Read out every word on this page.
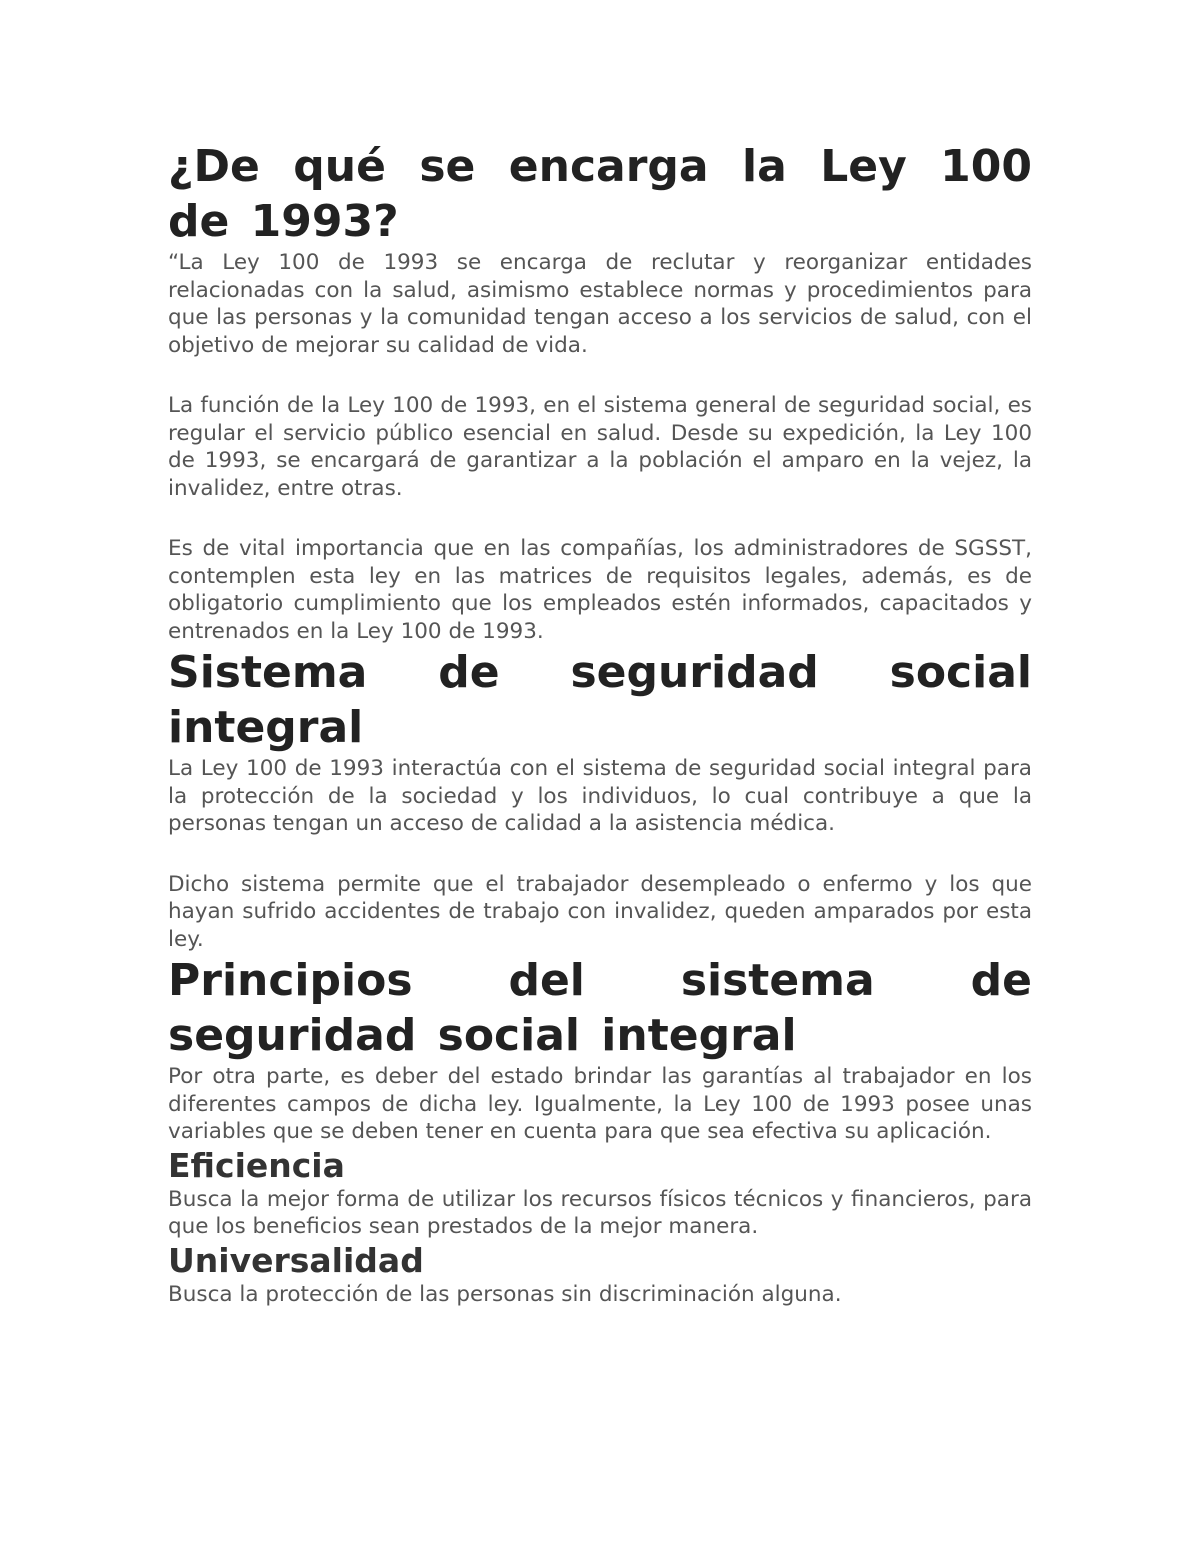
¿De qué se encarga la Ley 100 de 1993?

“La Ley 100 de 1993 se encarga de reclutar y reorganizar entidades relacionadas con la salud, asimismo establece normas y procedimientos para que las personas y la comunidad tengan acceso a los servicios de salud, con el objetivo de mejorar su calidad de vida.

La función de la Ley 100 de 1993, en el sistema general de seguridad social, es regular el servicio público esencial en salud. Desde su expedición, la Ley 100 de 1993, se encargará de garantizar a la población el amparo en la vejez, la invalidez, entre otras.

Es de vital importancia que en las compañías, los administradores de SGSST, contemplen esta ley en las matrices de requisitos legales, además, es de obligatorio cumplimiento que los empleados estén informados, capacitados y entrenados en la Ley 100 de 1993.

Sistema de seguridad social integral

La Ley 100 de 1993 interactúa con el sistema de seguridad social integral para la protección de la sociedad y los individuos, lo cual contribuye a que la personas tengan un acceso de calidad a la asistencia médica.

Dicho sistema permite que el trabajador desempleado o enfermo y los que hayan sufrido accidentes de trabajo con invalidez, queden amparados por esta ley.

Principios del sistema de seguridad social integral

Por otra parte, es deber del estado brindar las garantías al trabajador en los diferentes campos de dicha ley. Igualmente, la Ley 100 de 1993 posee unas variables que se deben tener en cuenta para que sea efectiva su aplicación.

Eficiencia

Busca la mejor forma de utilizar los recursos físicos técnicos y financieros, para que los beneficios sean prestados de la mejor manera.

Universalidad

Busca la protección de las personas sin discriminación alguna.
